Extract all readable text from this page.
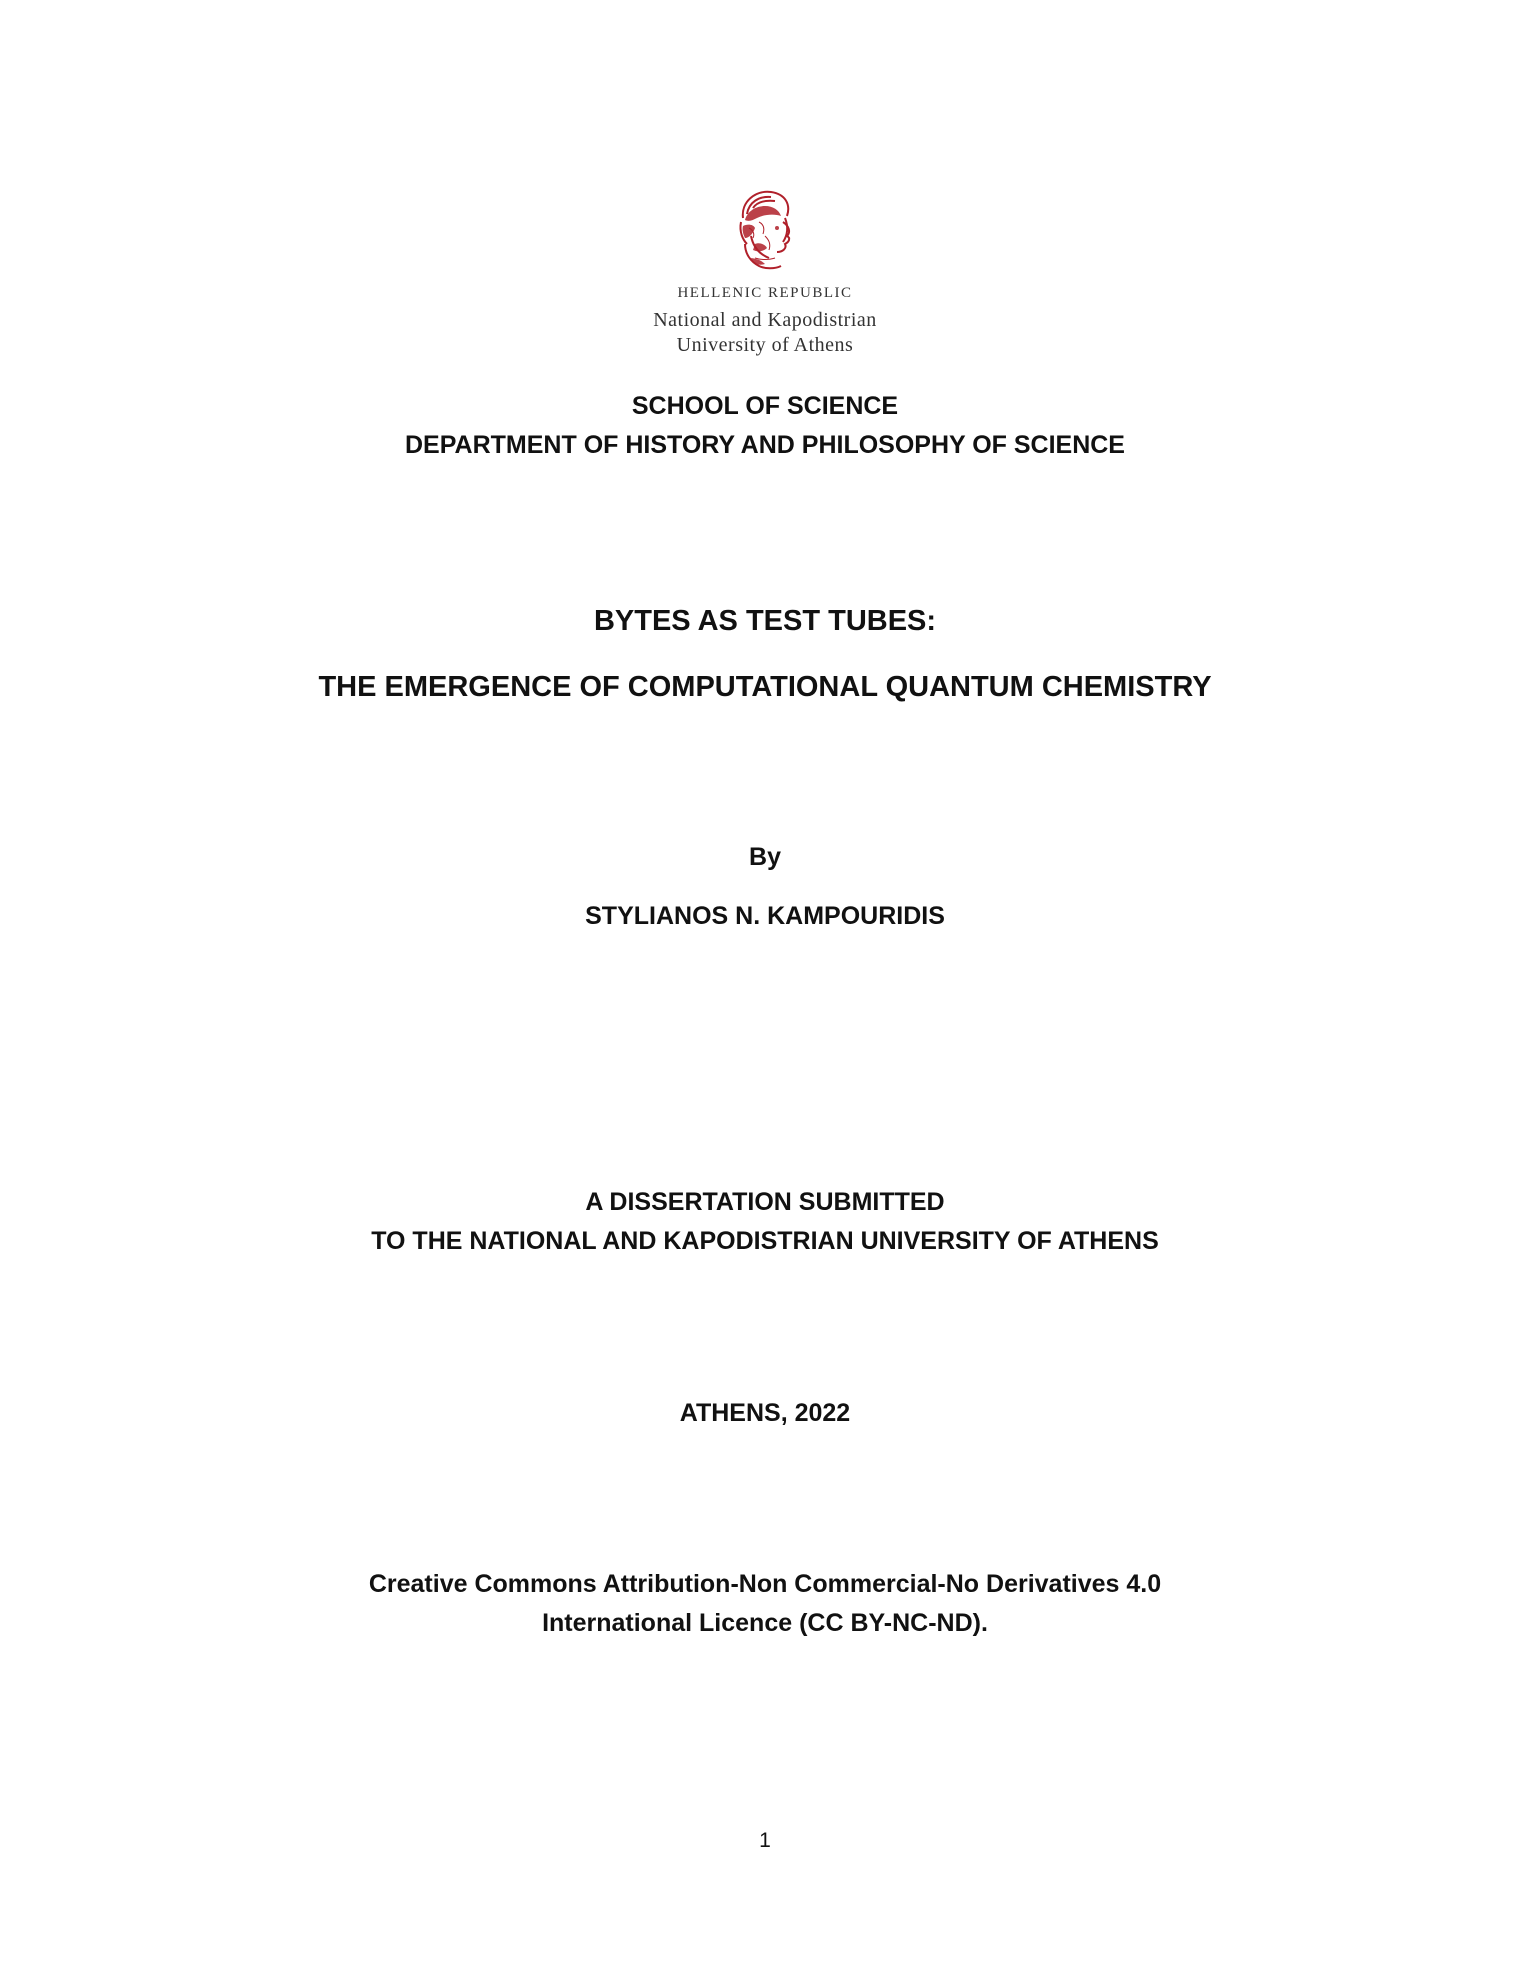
HELLENIC REPUBLIC
National and Kapodistrian
University of Athens
SCHOOL OF SCIENCE
DEPARTMENT OF HISTORY AND PHILOSOPHY OF SCIENCE
BYTES AS TEST TUBES:
THE EMERGENCE OF COMPUTATIONAL QUANTUM CHEMISTRY
By
STYLIANOS N. KAMPOURIDIS
A DISSERTATION SUBMITTED
TO THE NATIONAL AND KAPODISTRIAN UNIVERSITY OF ATHENS
ATHENS, 2022
Creative Commons Attribution-Non Commercial-No Derivatives 4.0
International Licence (CC BY-NC-ND).
1
